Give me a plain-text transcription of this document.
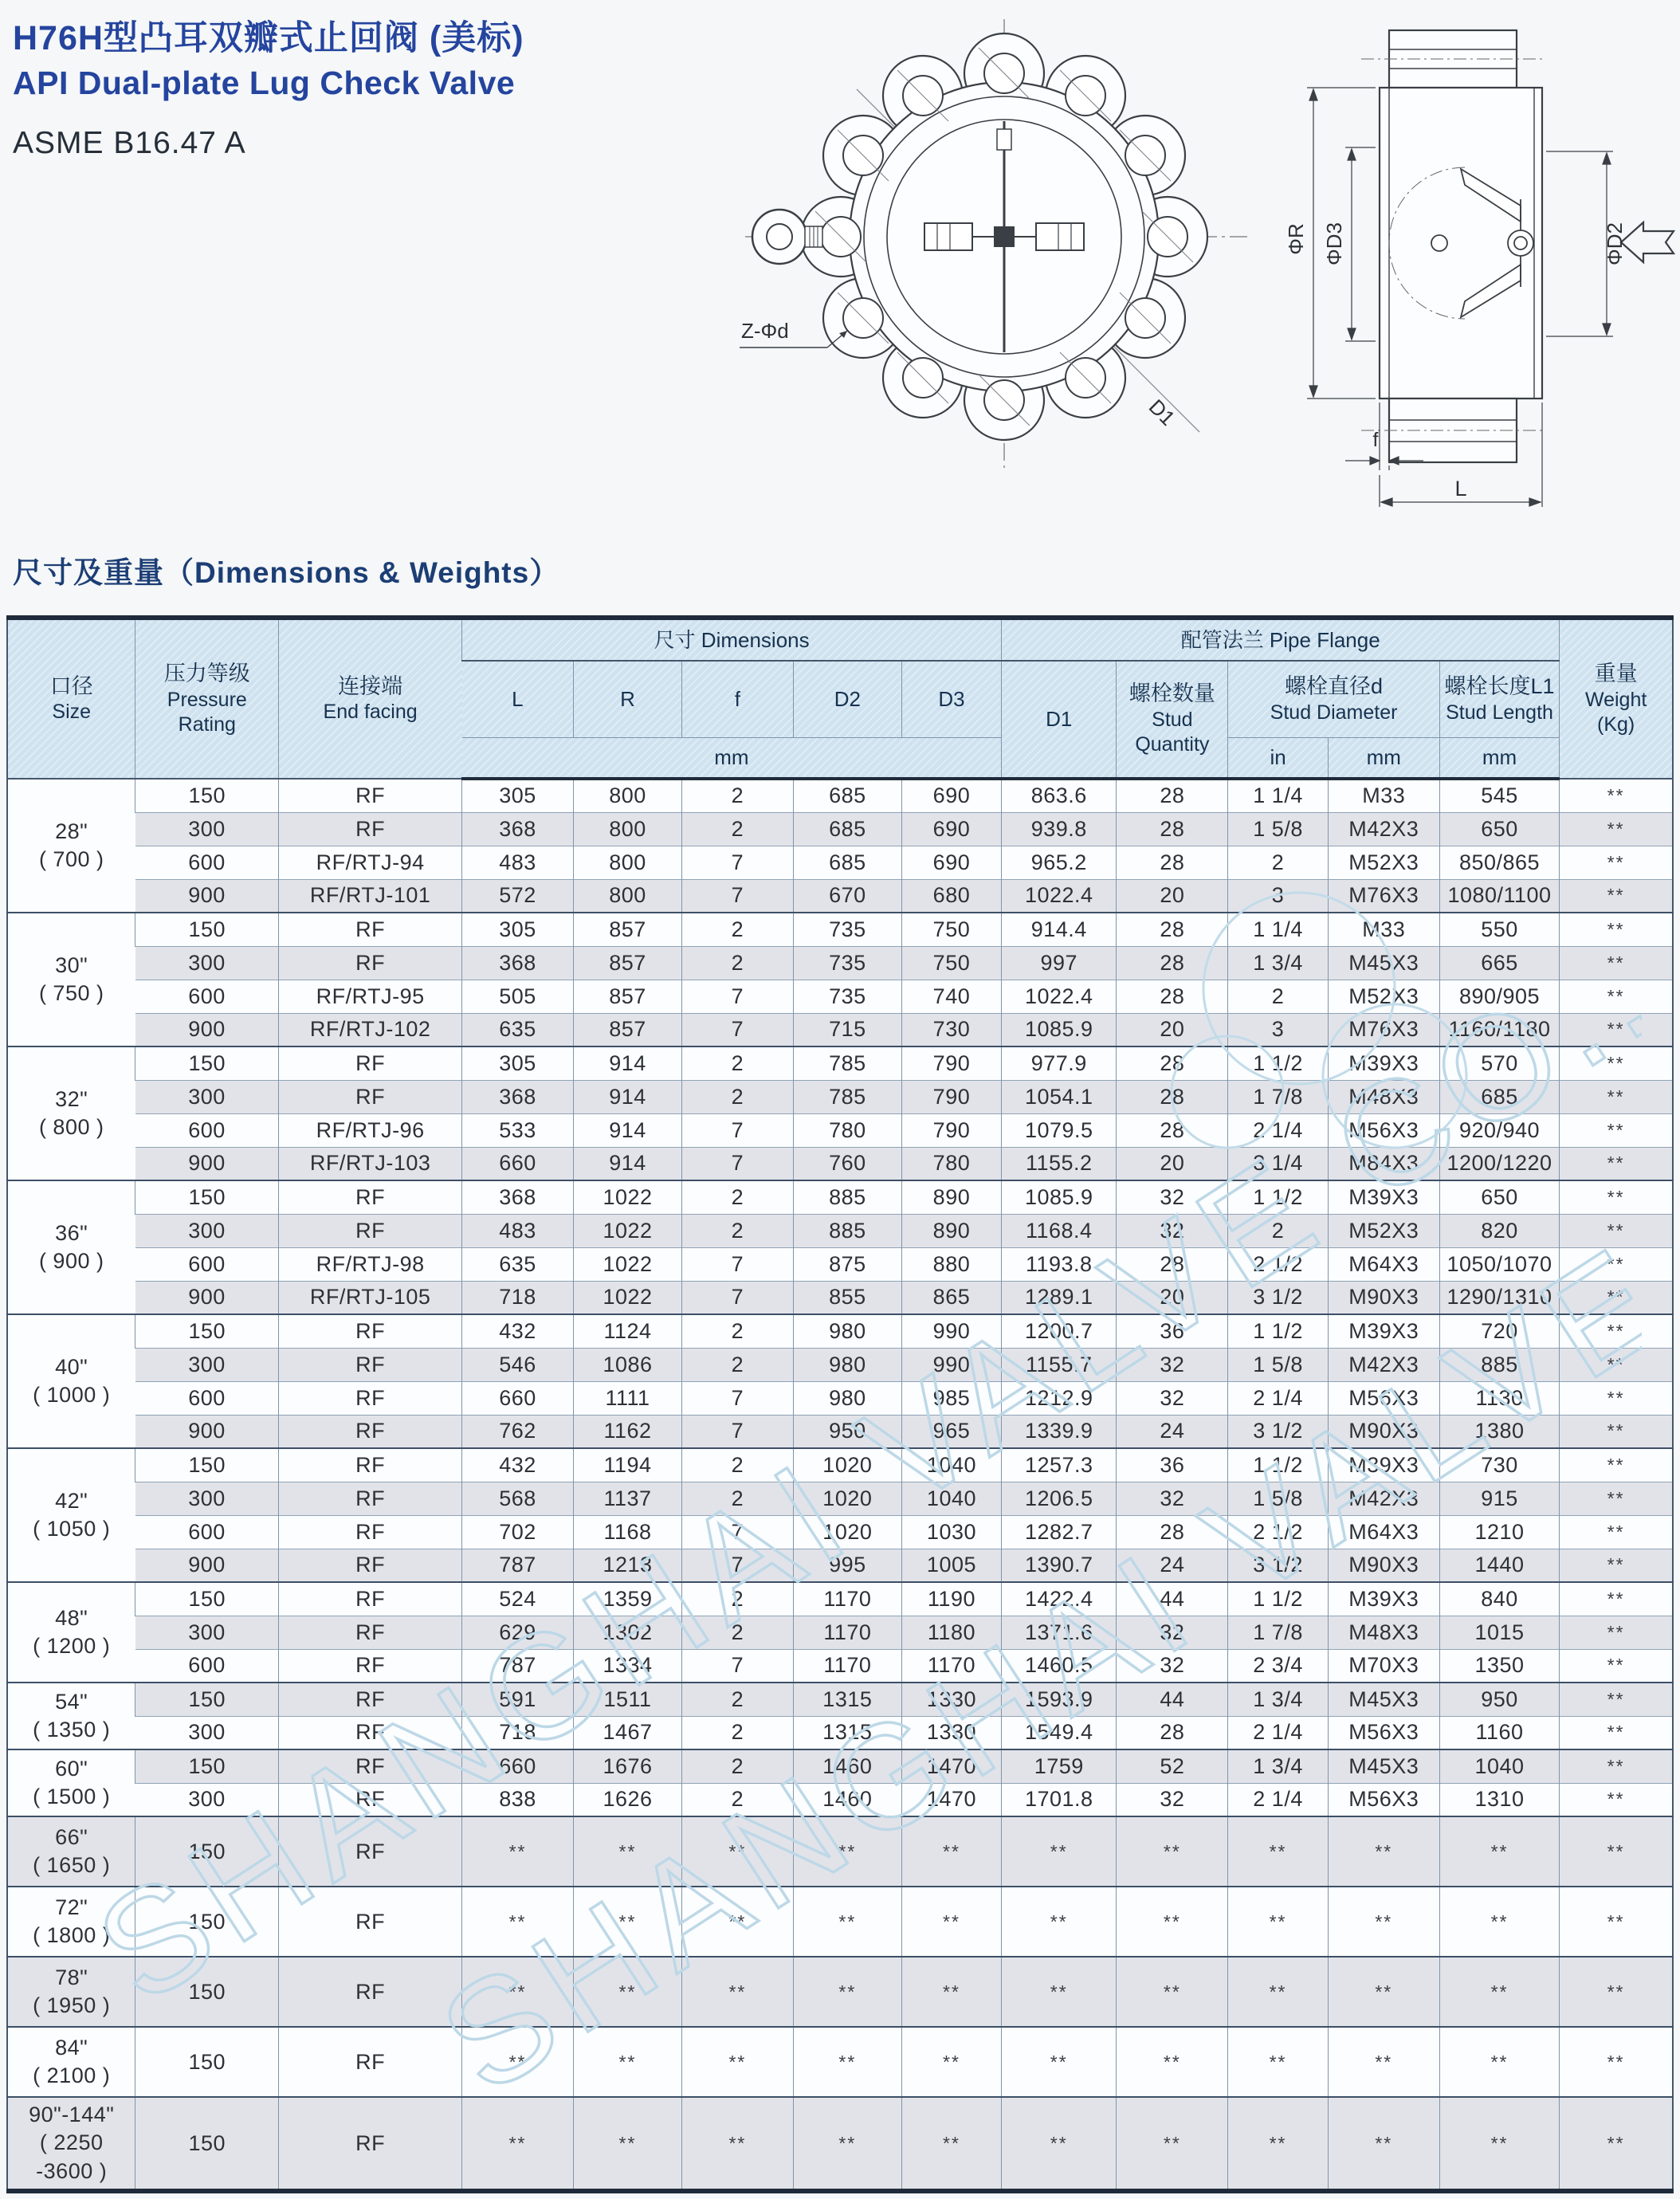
H76H型凸耳双瓣式止回阀 (美标)
API Dual-plate Lug Check Valve
ASME B16.47 A
Z-Φd
D1
ΦR ΦD3	ΦD2
f
L
尺寸及重量（Dimensions & Weights）
SHANGHAI VALVE CO.,
SHANGHAI VALVE
口径
Size	压力等级
Pressure
Rating	连接端
End facing	尺寸 Dimensions					配管法兰 Pipe Flange					重量
Weight
(Kg)

			L	R	f	D2	D3	D1	螺栓数量
Stud
Quantity	螺栓直径d
Stud Diameter		螺栓长度L1
Stud Length	

			mm							in	mm	mm	

28"
( 700 )	150	RF	305	800	2	685	690	863.6	28	1 1/4	M33	545	**
	300	RF	368	800	2	685	690	939.8	28	1 5/8	M42X3	650	**
	600	RF/RTJ-94	483	800	7	685	690	965.2	28	2	M52X3	850/865	**
	900	RF/RTJ-101	572	800	7	670	680	1022.4	20	3	M76X3	1080/1100	**

30"
( 750 )	150	RF	305	857	2	735	750	914.4	28	1 1/4	M33	550	**
	300	RF	368	857	2	735	750	997	28	1 3/4	M45X3	665	**
	600	RF/RTJ-95	505	857	7	735	740	1022.4	28	2	M52X3	890/905	**
	900	RF/RTJ-102	635	857	7	715	730	1085.9	20	3	M76X3	1160/1180	**

32"
( 800 )	150	RF	305	914	2	785	790	977.9	28	1 1/2	M39X3	570	**
	300	RF	368	914	2	785	790	1054.1	28	1 7/8	M48X3	685	**
	600	RF/RTJ-96	533	914	7	780	790	1079.5	28	2 1/4	M56X3	920/940	**
	900	RF/RTJ-103	660	914	7	760	780	1155.2	20	3 1/4	M84X3	1200/1220	**

36"
( 900 )	150	RF	368	1022	2	885	890	1085.9	32	1 1/2	M39X3	650	**
	300	RF	483	1022	2	885	890	1168.4	32	2	M52X3	820	**
	600	RF/RTJ-98	635	1022	7	875	880	1193.8	28	2 1/2	M64X3	1050/1070	**
	900	RF/RTJ-105	718	1022	7	855	865	1289.1	20	3 1/2	M90X3	1290/1310	**

40"
( 1000 )	150	RF	432	1124	2	980	990	1200.7	36	1 1/2	M39X3	720	**
	300	RF	546	1086	2	980	990	1155.7	32	1 5/8	M42X3	885	**
	600	RF	660	1111	7	980	985	1212.9	32	2 1/4	M56X3	1130	**
	900	RF	762	1162	7	950	965	1339.9	24	3 1/2	M90X3	1380	**

42"
( 1050 )	150	RF	432	1194	2	1020	1040	1257.3	36	1 1/2	M39X3	730	**
	300	RF	568	1137	2	1020	1040	1206.5	32	1 5/8	M42X3	915	**
	600	RF	702	1168	7	1020	1030	1282.7	28	2 1/2	M64X3	1210	**
	900	RF	787	1213	7	995	1005	1390.7	24	3 1/2	M90X3	1440	**

48"
( 1200 )	150	RF	524	1359	2	1170	1190	1422.4	44	1 1/2	M39X3	840	**
	300	RF	629	1302	2	1170	1180	1371.6	32	1 7/8	M48X3	1015	**
	600	RF	787	1334	7	1170	1170	1460.5	32	2 3/4	M70X3	1350	**

54"
( 1350 )	150	RF	591	1511	2	1315	1330	1593.9	44	1 3/4	M45X3	950	**
	300	RF	718	1467	2	1315	1330	1549.4	28	2 1/4	M56X3	1160	**

60"
( 1500 )	150	RF	660	1676	2	1460	1470	1759	52	1 3/4	M45X3	1040	**
	300	RF	838	1626	2	1460	1470	1701.8	32	2 1/4	M56X3	1310	**

66"
( 1650 )	150	RF	**	**	**	**	**	**	**	**	**	**	**

72"
( 1800 )	150	RF	**	**	**	**	**	**	**	**	**	**	**

78"
( 1950 )	150	RF	**	**	**	**	**	**	**	**	**	**	**

84"
( 2100 )	150	RF	**	**	**	**	**	**	**	**	**	**	**

90"-144"
( 2250
-3600 )	150	RF	**	**	**	**	**	**	**	**	**	**	**
